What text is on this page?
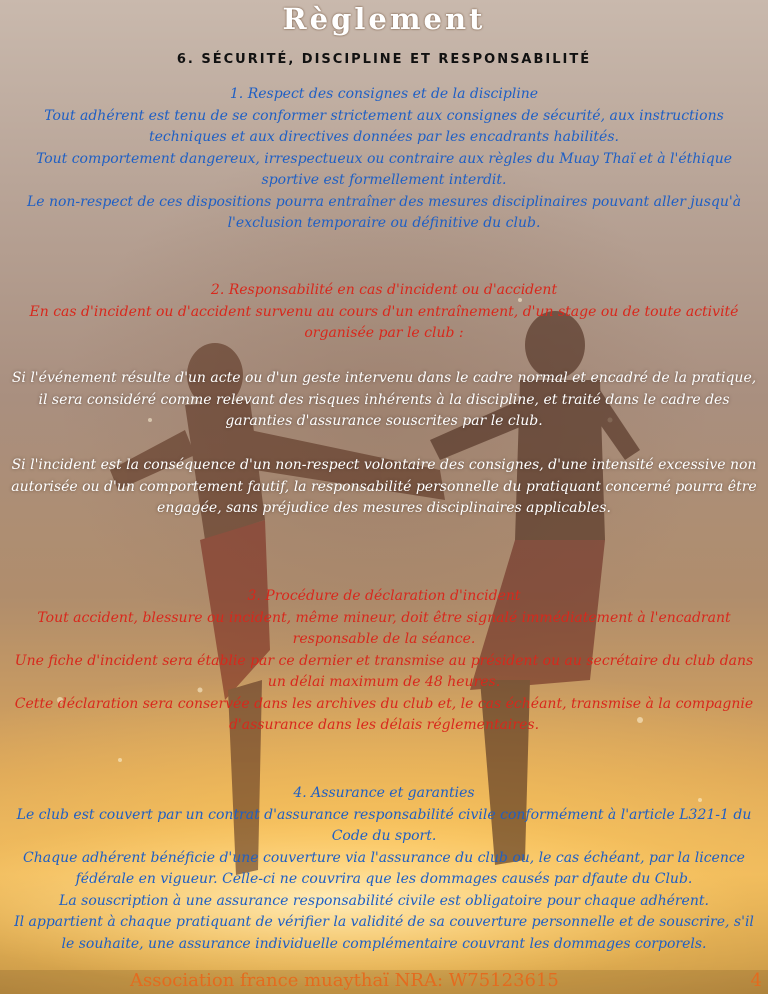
Règlement
6. SÉCURITÉ, DISCIPLINE ET RESPONSABILITÉ

1. Respect des consignes et de la discipline

Tout adhérent est tenu de se conformer strictement aux consignes de sécurité, aux instructions techniques et aux directives données par les encadrants habilités.

Tout comportement dangereux, irrespectueux ou contraire aux règles du Muay Thaï et à l'éthique sportive est formellement interdit.

Le non-respect de ces dispositions pourra entraîner des mesures disciplinaires pouvant aller jusqu'à l'exclusion temporaire ou définitive du club.

2. Responsabilité en cas d'incident ou d'accident

En cas d'incident ou d'accident survenu au cours d'un entraînement, d'un stage ou de toute activité organisée par le club :

Si l'événement résulte d'un acte ou d'un geste intervenu dans le cadre normal et encadré de la pratique, il sera considéré comme relevant des risques inhérents à la discipline, et traité dans le cadre des garanties d'assurance souscrites par le club.

Si l'incident est la conséquence d'un non-respect volontaire des consignes, d'une intensité excessive non autorisée ou d'un comportement fautif, la responsabilité personnelle du pratiquant concerné pourra être engagée, sans préjudice des mesures disciplinaires applicables.

3. Procédure de déclaration d'incident

Tout accident, blessure ou incident, même mineur, doit être signalé immédiatement à l'encadrant responsable de la séance.

Une fiche d'incident sera établie par ce dernier et transmise au président ou au secrétaire du club dans un délai maximum de 48 heures.

Cette déclaration sera conservée dans les archives du club et, le cas échéant, transmise à la compagnie d'assurance dans les délais réglementaires.

4. Assurance et garanties

Le club est couvert par un contrat d'assurance responsabilité civile conformément à l'article L321-1 du Code du sport.

Chaque adhérent bénéficie d'une couverture via l'assurance du club ou, le cas échéant, par la licence fédérale en vigueur. Celle-ci ne couvrira que les dommages causés par dfaute du Club.

La souscription à une assurance responsabilité civile est obligatoire pour chaque adhérent.

Il appartient à chaque pratiquant de vérifier la validité de sa couverture personnelle et de souscrire, s'il le souhaite, une assurance individuelle complémentaire couvrant les dommages corporels.

Association france muaythaï NRA: W75123615	4
